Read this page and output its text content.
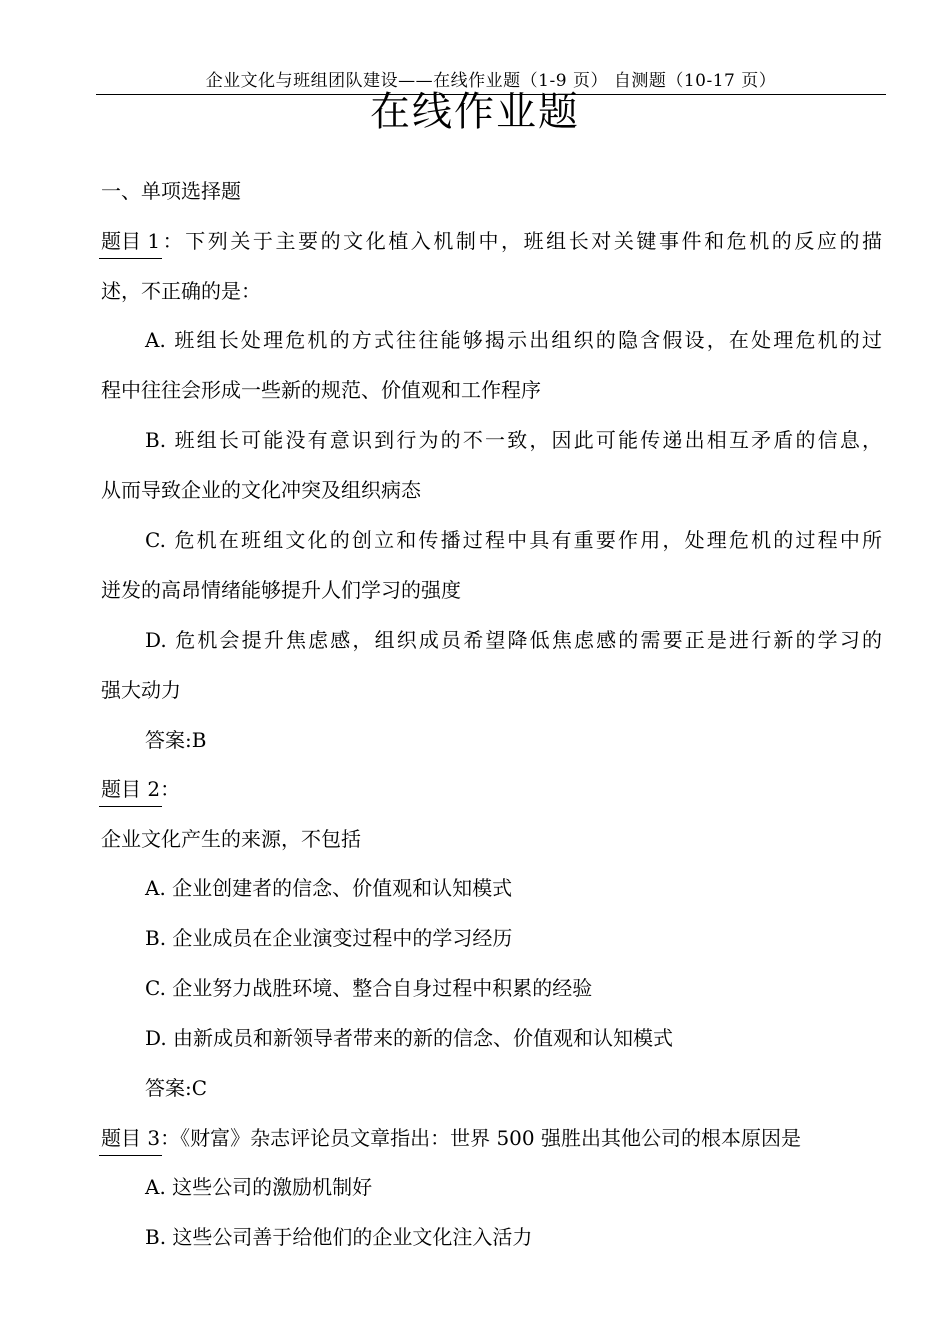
企业文化与班组团队建设——在线作业题（1-9 页） 自测题（10-17 页）
在线作业题
一、单项选择题
题目 1：下列关于主要的文化植入机制中，班组长对关键事件和危机的反应的描
述，不正确的是：
A. 班组长处理危机的方式往往能够揭示出组织的隐含假设，在处理危机的过
程中往往会形成一些新的规范、价值观和工作程序
B. 班组长可能没有意识到行为的不一致，因此可能传递出相互矛盾的信息，
从而导致企业的文化冲突及组织病态
C. 危机在班组文化的创立和传播过程中具有重要作用，处理危机的过程中所
迸发的高昂情绪能够提升人们学习的强度
D. 危机会提升焦虑感，组织成员希望降低焦虑感的需要正是进行新的学习的
强大动力
答案:B
题目 2：
企业文化产生的来源，不包括
A. 企业创建者的信念、价值观和认知模式
B. 企业成员在企业演变过程中的学习经历
C. 企业努力战胜环境、整合自身过程中积累的经验
D. 由新成员和新领导者带来的新的信念、价值观和认知模式
答案:C
题目 3：《财富》杂志评论员文章指出：世界 500 强胜出其他公司的根本原因是
A. 这些公司的激励机制好
B. 这些公司善于给他们的企业文化注入活力
